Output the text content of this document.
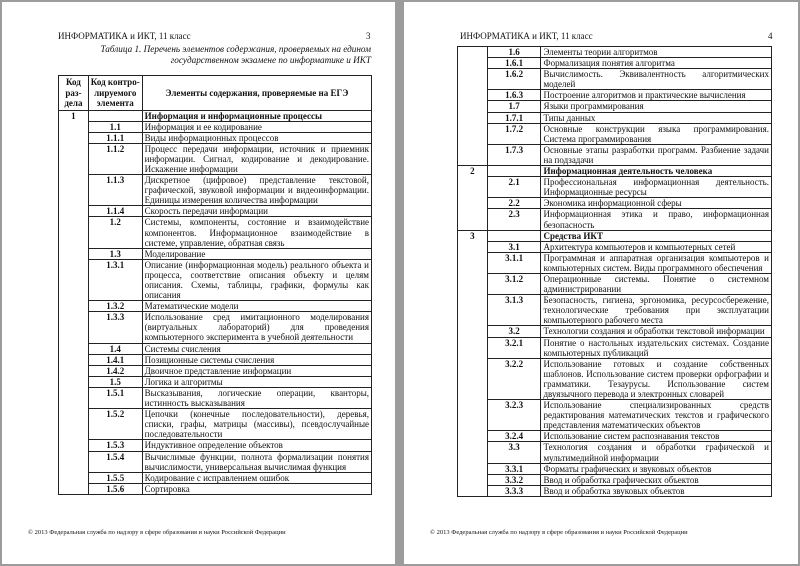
ИНФОРМАТИКА и ИКТ, 11 класс	3
Таблица 1. Перечень элементов содержания, проверяемых на едином государственном экзамене по информатике и ИКТ
Код раз-дела	Код контро-лируемого элемента	Элементы содержания, проверяемые на ЕГЭ
1		Информация и информационные процессы
	1.1	Информация и ее кодирование
	1.1.1	Виды информационных процессов
	1.1.2	Процесс передачи информации, источник и приемник информации. Сигнал, кодирование и декодирование. Искажение информации
	1.1.3	Дискретное (цифровое) представление текстовой, графической, звуковой информации и видеоинформации. Единицы измерения количества информации
	1.1.4	Скорость передачи информации
	1.2	Системы, компоненты, состояние и взаимодействие компонентов. Информационное взаимодействие в системе, управление, обратная связь
	1.3	Моделирование
	1.3.1	Описание (информационная модель) реального объекта и процесса, соответствие описания объекту и целям описания. Схемы, таблицы, графики, формулы как описания
	1.3.2	Математические модели
	1.3.3	Использование сред имитационного моделирования (виртуальных лабораторий) для проведения компьютерного эксперимента в учебной деятельности
	1.4	Системы счисления
	1.4.1	Позиционные системы счисления
	1.4.2	Двоичное представление информации
	1.5	Логика и алгоритмы
	1.5.1	Высказывания, логические операции, кванторы, истинность высказывания
	1.5.2	Цепочки (конечные последовательности), деревья, списки, графы, матрицы (массивы), псевдослучайные последовательности
	1.5.3	Индуктивное определение объектов
	1.5.4	Вычислимые функции, полнота формализации понятия вычислимости, универсальная вычислимая функция
	1.5.5	Кодирование с исправлением ошибок
	1.5.6	Сортировка
© 2013 Федеральная служба по надзору в сфере образования и науки Российской Федерации
ИНФОРМАТИКА и ИКТ, 11 класс	4
	1.6	Элементы теории алгоритмов
	1.6.1	Формализация понятия алгоритма
	1.6.2	Вычислимость. Эквивалентность алгоритмических моделей
	1.6.3	Построение алгоритмов и практические вычисления
	1.7	Языки программирования
	1.7.1	Типы данных
	1.7.2	Основные конструкции языка программирования. Система программирования
	1.7.3	Основные этапы разработки программ. Разбиение задачи на подзадачи
2		Информационная деятельность человека
	2.1	Профессиональная информационная деятельность. Информационные ресурсы
	2.2	Экономика информационной сферы
	2.3	Информационная этика и право, информационная безопасность
3		Средства ИКТ
	3.1	Архитектура компьютеров и компьютерных сетей
	3.1.1	Программная и аппаратная организация компьютеров и компьютерных систем. Виды программного обеспечения
	3.1.2	Операционные системы. Понятие о системном администрировании
	3.1.3	Безопасность, гигиена, эргономика, ресурсосбережение, технологические требования при эксплуатации компьютерного рабочего места
	3.2	Технологии создания и обработки текстовой информации
	3.2.1	Понятие о настольных издательских системах. Создание компьютерных публикаций
	3.2.2	Использование готовых и создание собственных шаблонов. Использование систем проверки орфографии и грамматики. Тезаурусы. Использование систем двуязычного перевода и электронных словарей
	3.2.3	Использование специализированных средств редактирования математических текстов и графического представления математических объектов
	3.2.4	Использование систем распознавания текстов
	3.3	Технология создания и обработки графической и мультимедийной информации
	3.3.1	Форматы графических и звуковых объектов
	3.3.2	Ввод и обработка графических объектов
	3.3.3	Ввод и обработка звуковых объектов
© 2013 Федеральная служба по надзору в сфере образования и науки Российской Федерации
